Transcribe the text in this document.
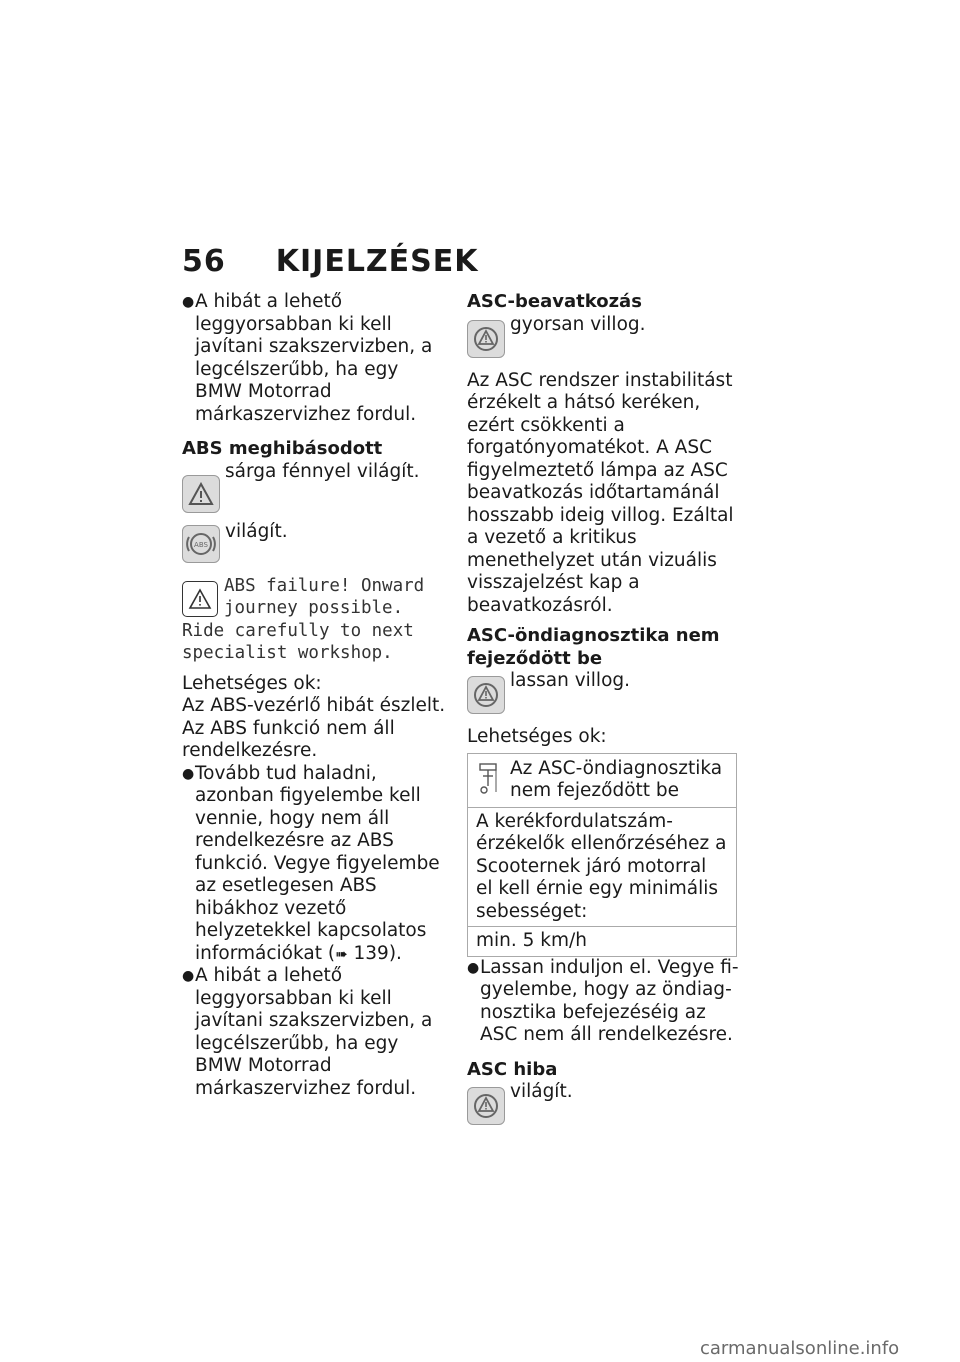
56 KIJELZÉSEK
● A hibát a lehető leggyorsabban ki kell javítani szakszervizben, a legcélszerűbb, ha egy BMW Motorrad márkaszervizhez fordul.
ABS meghibásodott
sárga fénnyel világít.
ABS
világít.
ABS failure! Onward journey possible. Ride carefully to next specialist workshop.
Lehetséges ok:
Az ABS-vezérlő hibát észlelt. Az ABS funkció nem áll rendelkezésre.
● Tovább tud haladni, azonban figyelembe kell vennie, hogy nem áll rendelkezésre az ABS funkció. Vegye figyelembe az esetlegesen ABS hibákhoz vezető helyzetekkel kapcsolatos információkat (➠ 139).
● A hibát a lehető leggyorsabban ki kell javítani szakszervizben, a legcélszerűbb, ha egy BMW Motorrad márkaszervizhez fordul.
ASC-beavatkozás
gyorsan villog.
Az ASC rendszer instabilitást érzékelt a hátsó keréken, ezért csökkenti a forgatónyomatékot. A ASC figyelmeztető lámpa az ASC beavatkozás időtartamánál hosszabb ideig villog. Ezáltal a vezető a kritikus menethelyzet után vizuális visszajelzést kap a beavatkozásról.
ASC-öndiagnosztika nem fejeződött be
lassan villog.
Lehetséges ok:
Az ASC-öndiagnosztika nem fejeződött be
A kerékfordulatszám-érzékelők ellenőrzéséhez a Scooternek járó motorral el kell érnie egy minimális sebességet:
min. 5 km/h
● Lassan induljon el. Vegye figyelembe, hogy az öndiagnosztika befejezéséig az ASC nem áll rendelkezésre.
ASC hiba
világít.
carmanualsonline.info
